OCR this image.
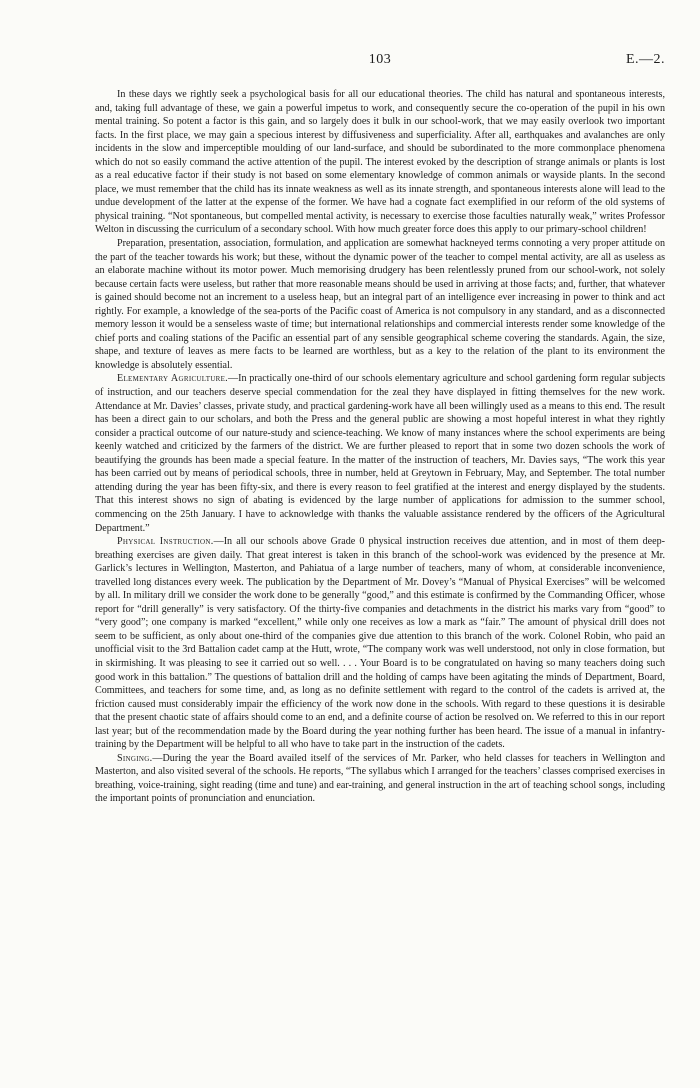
103	E.—2.

In these days we rightly seek a psychological basis for all our educational theories. The child has natural and spontaneous interests, and, taking full advantage of these, we gain a powerful impetus to work, and consequently secure the co-operation of the pupil in his own mental training. So potent a factor is this gain, and so largely does it bulk in our school-work, that we may easily overlook two important facts. In the first place, we may gain a specious interest by diffusiveness and superficiality. After all, earthquakes and avalanches are only incidents in the slow and imperceptible moulding of our land-surface, and should be subordinated to the more commonplace phenomena which do not so easily command the active attention of the pupil. The interest evoked by the description of strange animals or plants is lost as a real educative factor if their study is not based on some elementary knowledge of common animals or wayside plants. In the second place, we must remember that the child has its innate weakness as well as its innate strength, and spontaneous interests alone will lead to the undue development of the latter at the expense of the former. We have had a cognate fact exemplified in our reform of the old systems of physical training. “Not spontaneous, but compelled mental activity, is necessary to exercise those faculties naturally weak,” writes Professor Welton in discussing the curriculum of a secondary school. With how much greater force does this apply to our primary-school children!

Preparation, presentation, association, formulation, and application are somewhat hackneyed terms connoting a very proper attitude on the part of the teacher towards his work; but these, without the dynamic power of the teacher to compel mental activity, are all as useless as an elaborate machine without its motor power. Much memorising drudgery has been relentlessly pruned from our school-work, not solely because certain facts were useless, but rather that more reasonable means should be used in arriving at those facts; and, further, that whatever is gained should become not an increment to a useless heap, but an integral part of an intelligence ever increasing in power to think and act rightly. For example, a knowledge of the sea-ports of the Pacific coast of America is not compulsory in any standard, and as a disconnected memory lesson it would be a senseless waste of time; but international relationships and commercial interests render some knowledge of the chief ports and coaling stations of the Pacific an essential part of any sensible geographical scheme covering the standards. Again, the size, shape, and texture of leaves as mere facts to be learned are worthless, but as a key to the relation of the plant to its environment the knowledge is absolutely essential.

Elementary Agriculture.—In practically one-third of our schools elementary agriculture and school gardening form regular subjects of instruction, and our teachers deserve special commendation for the zeal they have displayed in fitting themselves for the new work. Attendance at Mr. Davies’ classes, private study, and practical gardening-work have all been willingly used as a means to this end. The result has been a direct gain to our scholars, and both the Press and the general public are showing a most hopeful interest in what they rightly consider a practical outcome of our nature-study and science-teaching. We know of many instances where the school experiments are being keenly watched and criticized by the farmers of the district. We are further pleased to report that in some two dozen schools the work of beautifying the grounds has been made a special feature. In the matter of the instruction of teachers, Mr. Davies says, “The work this year has been carried out by means of periodical schools, three in number, held at Greytown in February, May, and September. The total number attending during the year has been fifty-six, and there is every reason to feel gratified at the interest and energy displayed by the students. That this interest shows no sign of abating is evidenced by the large number of applications for admission to the summer school, commencing on the 25th January. I have to acknowledge with thanks the valuable assistance rendered by the officers of the Agricultural Department.”

Physical Instruction.—In all our schools above Grade 0 physical instruction receives due attention, and in most of them deep-breathing exercises are given daily. That great interest is taken in this branch of the school-work was evidenced by the presence at Mr. Garlick’s lectures in Wellington, Masterton, and Pahiatua of a large number of teachers, many of whom, at considerable inconvenience, travelled long distances every week. The publication by the Department of Mr. Dovey’s “Manual of Physical Exercises” will be welcomed by all. In military drill we consider the work done to be generally “good,” and this estimate is confirmed by the Commanding Officer, whose report for “drill generally” is very satisfactory. Of the thirty-five companies and detachments in the district his marks vary from “good” to “very good”; one company is marked “excellent,” while only one receives as low a mark as “fair.” The amount of physical drill does not seem to be sufficient, as only about one-third of the companies give due attention to this branch of the work. Colonel Robin, who paid an unofficial visit to the 3rd Battalion cadet camp at the Hutt, wrote, “The company work was well understood, not only in close formation, but in skirmishing. It was pleasing to see it carried out so well. . . . Your Board is to be congratulated on having so many teachers doing such good work in this battalion.” The questions of battalion drill and the holding of camps have been agitating the minds of Department, Board, Committees, and teachers for some time, and, as long as no definite settlement with regard to the control of the cadets is arrived at, the friction caused must considerably impair the efficiency of the work now done in the schools. With regard to these questions it is desirable that the present chaotic state of affairs should come to an end, and a definite course of action be resolved on. We referred to this in our report last year; but of the recommendation made by the Board during the year nothing further has been heard. The issue of a manual in infantry-training by the Department will be helpful to all who have to take part in the instruction of the cadets.

Singing.—During the year the Board availed itself of the services of Mr. Parker, who held classes for teachers in Wellington and Masterton, and also visited several of the schools. He reports, “The syllabus which I arranged for the teachers’ classes comprised exercises in breathing, voice-training, sight reading (time and tune) and ear-training, and general instruction in the art of teaching school songs, including the important points of pronunciation and enunciation.
